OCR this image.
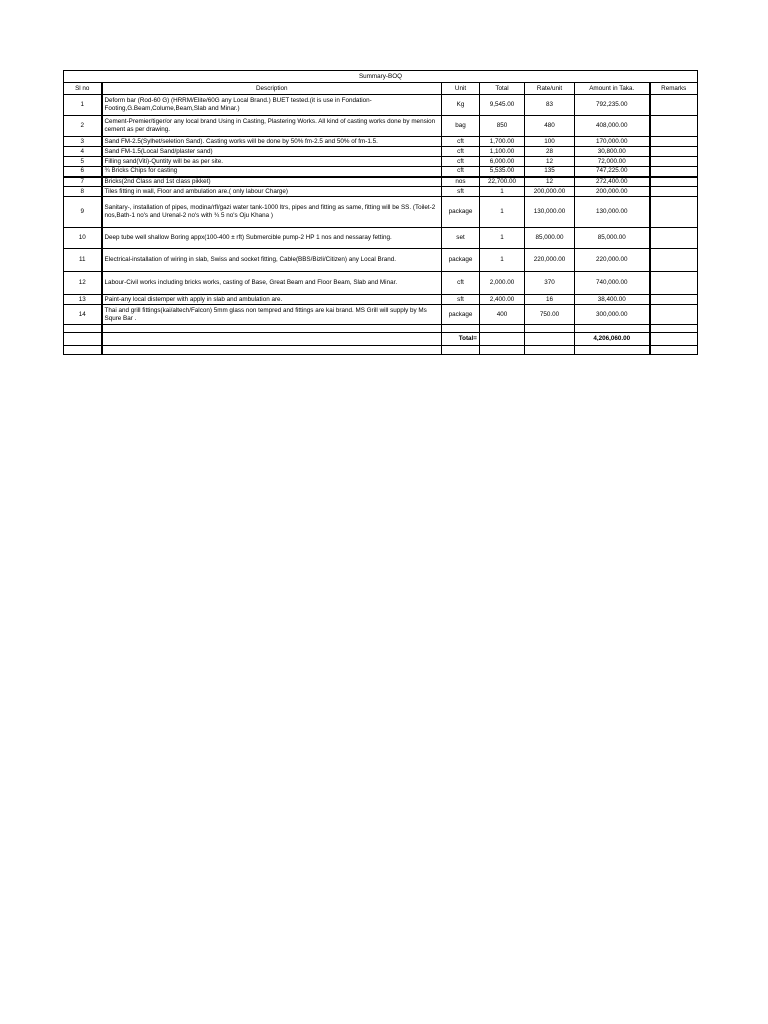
Summary-BOQ						
Sl no	Description	Unit	Total	Rate/unit	Amount in Taka.	Remarks
1	Deform bar (Rod-60 G) (HRRM/Elite/60G any Local Brand.) BUET tested.(it is use in Fondation-Footing,G.Beam,Colume,Beam,Slab and Minar.)	Kg	9,545.00	83	792,235.00	
2	Cement-Premier/tiger/or any local brand Using in Casting, Plastering Works. All kind of casting works done by mension cement as per drawing.	bag	850	480	408,000.00	
3	Sand FM-2.5(Sylhet/seletion Sand). Casting works will be done by 50% fm-2.5 and 50% of fm-1.5.	cft	1,700.00	100	170,000.00	
4	Sand FM-1.5(Local Sand/plaster sand)	cft	1,100.00	28	30,800.00	
5	Filling sand(Viti)-Quntity will be as per site.	cft	6,000.00	12	72,000.00	
6	¾ Bricks Chips for casting	cft	5,535.00	135	747,225.00	
7	Bricks(2nd Class and 1st class pikket)	nos	22,700.00	12	272,400.00	
8	Tiles fitting in wall, Floor and ambulation are.( only labour Charge)	sft	1	200,000.00	200,000.00	
9	Sanitary-, installation of pipes, modina/rfl/gazi water tank-1000 ltrs, pipes and fitting as same, fitting will be SS. (Toilet-2 nos,Bath-1 no's and Urenal-2 no's with ¾ 5 no's Oju Khana )	package	1	130,000.00	130,000.00	
10	Deep tube well shallow Boring appx(100-400 ± rft) Submercible pump-2 HP 1 nos and nessaray fetting.	set	1	85,000.00	85,000.00	
11	Electrical-installation of wiring in slab, Swiss and socket fitting, Cable(BBS/Bizli/Citizen) any Local Brand.	package	1	220,000.00	220,000.00	
12	Labour-Civil works including bricks works, casting of Base, Great Beam and Floor Beam, Slab and Minar.	cft	2,000.00	370	740,000.00	
13	Paint-any local distemper with apply in slab and ambulation are.	sft	2,400.00	16	38,400.00	
14	Thai and grill fittings(kai/altech/Falcon) 5mm glass non tempred and fittings are kai brand. MS Grill will supply by Ms Squre Bar .	package	400	750.00	300,000.00	

		Total=			4,206,060.00	
